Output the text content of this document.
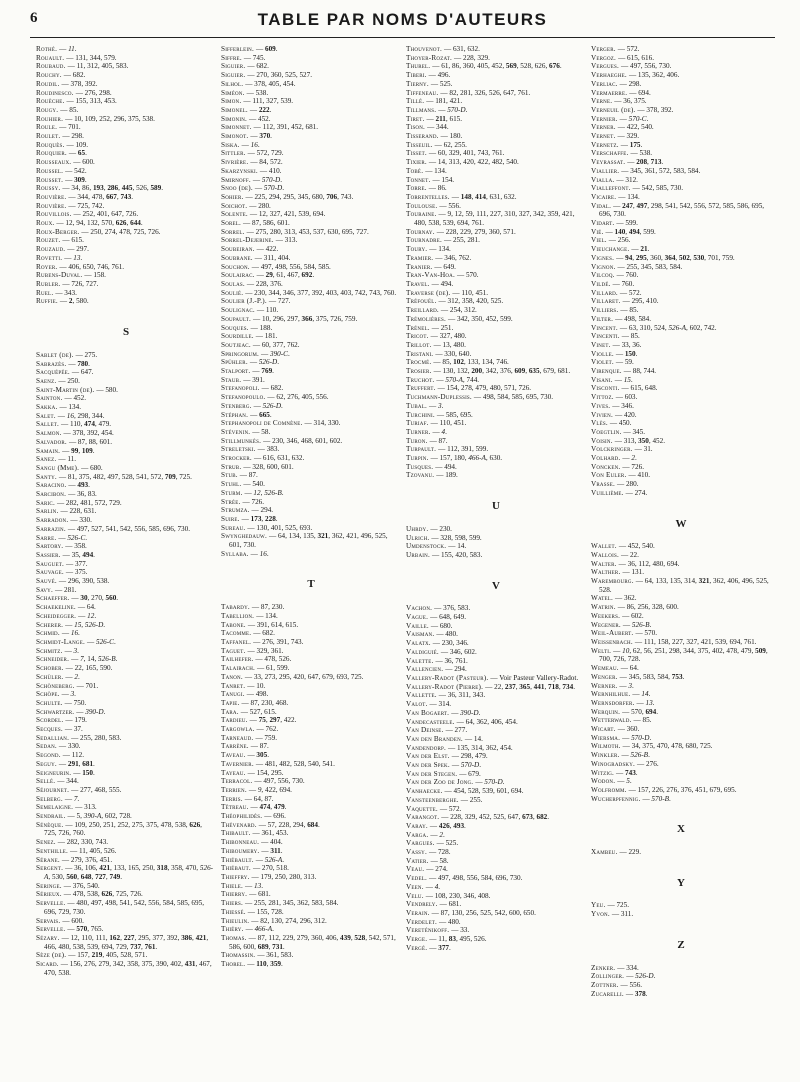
6	TABLE PAR NOMS D'AUTEURS
Rothé. — 11.
Rouault. — 131, 344, 579.
Roubaud. — 11, 312, 405, 583.
Rouchy. — 682.
Roudil. — 378, 392.
Roudinesco. — 276, 298.
Rouèche. — 155, 313, 453.
Rougy. — 85.
Rouhier. — 10, 109, 252, 296, 375, 538.
Roule. — 701.
Roulet. — 298.
Rouquès. — 109.
Rouquier. — 65.
Rousseaux. — 600.
Roussel. — 542.
Rousset. — 309.
Roussy. — 34, 86, 193, 286, 445, 526, 589.
Rouvière. — 344, 478, 667, 743.
Rouvière. — 725, 742.
Rouvillois. — 252, 401, 647, 726.
Roux. — 12, 94, 132, 570, 626, 644.
Roux-Berger. — 250, 274, 478, 725, 726.
Rouzet. — 615.
Rouzaud. — 297.
Rovetti. — 13.
Royer. — 406, 650, 746, 761.
Rubens-Duval. — 158.
Rubler. — 726, 727.
Ruel. — 343.
Ruffie. — 2, 580.
S
Sablet (de). — 275.
Sabrazès. — 780.
Sacquépée. — 647.
Saenz. — 250.
Saint-Martin (de). — 580.
Sainton. — 452.
Sakka. — 134.
Salet. — 16, 298, 344.
Sallet. — 110, 474, 479.
Salmon. — 378, 392, 454.
Salvador. — 87, 88, 601.
Samain. — 99, 109.
Sanez. — 11.
Sangu (Mme). — 680.
Santy. — 81, 375, 482, 497, 528, 541, 572, 709, 725.
Saracino. — 493.
Sarcibon. — 36, 83.
Saric. — 282, 481, 572, 729.
Sarlin. — 228, 631.
Sarradon. — 330.
Sarrazin. — 497, 527, 541, 542, 556, 585, 696, 730.
Sarre. — 526-C.
Sartory. — 358.
Sassier. — 35, 494.
Sauguet. — 377.
Sauvage. — 375.
Sauvé. — 296, 390, 538.
Savy. — 281.
Schaeffer. — 30, 270, 560.
Schaekeline. — 64.
Scheidegger. — 12.
Scherer. — 15, 526-D.
Schmid. — 16.
Schmidt-Lange. — 526-C.
Schmitz. — 3.
Schneider. — 7, 14, 526-B.
Schober. — 22, 165, 590.
Schüler. — 2.
Schöneberg. — 701.
Schöpe. — 3.
Schulte. — 750.
Schwartzer. — 390-D.
Scordel. — 179.
Secques. — 37.
Sedallian. — 255, 280, 583.
Sedan. — 330.
Segond. — 112.
Seguy. — 291, 681.
Seigneurin. — 150.
Sellé. — 344.
Séjournet. — 277, 468, 555.
Selberg. — 7.
Semelaigne. — 313.
Sendrail. — 5, 390-A, 602, 728.
Sénèque. — 109, 250, 251, 252, 275, 375, 478, 538, 626, 725, 726, 760.
Senez. — 282, 330, 743.
Senthille. — 11, 405, 526.
Sérane. — 279, 376, 451.
Sergent. — 36, 106, 421, 133, 165, 250, 318, 358, 470, 526-A, 530, 560, 648, 727, 749.
Seringe. — 376, 540.
Sérieux. — 478, 538, 626, 725, 726.
Servelle. — 480, 497, 498, 541, 542, 556, 584, 585, 695, 696, 729, 730.
Servais. — 600.
Servelle. — 570, 765.
Sézary. — 12, 110, 111, 162, 227, 295, 377, 392, 386, 421, 466, 480, 538, 539, 694, 729, 737, 761.
Sèze (de). — 157, 219, 405, 528, 571.
Sicard. — 156, 276, 279, 342, 358, 375, 390, 402, 431, 467, 470, 538.
Sifferlein. — 609.
Siffre. — 745.
Siguier. — 682.
Siguier. — 270, 360, 525, 527.
Silhol. — 378, 405, 454.
Siméon. — 538.
Simon. — 111, 327, 539.
Simonel. — 222.
Simonin. — 452.
Simonnet. — 112, 391, 452, 681.
Simonot. — 370.
Siska. — 16.
Sittler. — 572, 729.
Sivrière. — 84, 572.
Skarzynski. — 410.
Smirnoff. — 570-D.
Snoo (de). — 570-D.
Sohier. — 225, 294, 295, 345, 680, 706, 743.
Soichot. — 280.
Solente. — 12, 327, 421, 539, 694.
Sorel. — 87, 586, 601.
Sorrel. — 275, 280, 313, 453, 537, 630, 695, 727.
Sorrel-Dejerine. — 313.
Soubeiran. — 422.
Soubrane. — 311, 404.
Souchon. — 497, 498, 556, 584, 585.
Soulairac. — 29, 61, 467, 692.
Soulas. — 228, 376.
Soulié. — 230, 344, 346, 377, 392, 403, 403, 742, 743, 760.
Soulier (J.-P.). — 727.
Soulignac. — 110.
Soupault. — 10, 296, 297, 366, 375, 726, 759.
Souques. — 188.
Sourdille. — 181.
Soutjeac. — 60, 377, 762.
Springorum. — 390-C.
Spühler. — 526-D.
Stalport. — 769.
Staub. — 391.
Stefanopoli. — 682.
Stefanopoulo. — 62, 276, 405, 556.
Stenberg. — 526-D.
Stéphan. — 665.
Stephanopoli de Comnène. — 314, 330.
Stévenin. — 58.
Stillmunkès. — 230, 346, 468, 601, 602.
Streletski. — 383.
Strocker. — 616, 631, 632.
Strub. — 328, 600, 601.
Stub. — 87.
Stuhl. — 540.
Sturm. — 12, 526-B.
Strée. — 726.
Strumza. — 294.
Suire. — 173, 228.
Sureau. — 130, 401, 525, 693.
Swynghedauw. — 64, 134, 135, 321, 362, 421, 496, 525, 601, 730.
Syllaba. — 16.
T
Tabardy. — 87, 230.
Tabellion. — 134.
Tabone. — 391, 614, 615.
Tacomme. — 682.
Taffanel. — 276, 391, 743.
Taguet. — 329, 361.
Tailhefer. — 478, 526.
Talairach. — 61, 599.
Tanon. — 33, 273, 295, 420, 647, 679, 693, 725.
Tanret. — 10.
Tanugi. — 498.
Tapie. — 87, 230, 468.
Tara. — 527, 615.
Tardieu. — 75, 297, 422.
Targowla. — 762.
Tarneaud. — 759.
Tarrène. — 87.
Taveau. — 305.
Tavernier. — 481, 482, 528, 540, 541.
Tayeau. — 154, 295.
Terracol. — 497, 556, 730.
Terrien. — 9, 422, 694.
Terris. — 64, 87.
Têtreau. — 474, 479.
Théophilidès. — 696.
Thévenard. — 57, 228, 294, 684.
Thibault. — 361, 453.
Thibonneau. — 404.
Thiboumery. — 311.
Thiébault. — 526-A.
Thiébaut. — 270, 518.
Thieffry. — 179, 250, 280, 313.
Thiele. — 13.
Thierry. — 681.
Thiers. — 255, 281, 345, 362, 583, 584.
Thiessé. — 155, 728.
Thieulin. — 82, 130, 274, 296, 312.
Thiéry. — 466-A.
Thomas. — 87, 112, 229, 279, 360, 406, 439, 528, 542, 571, 586, 600, 689, 731.
Thomassin. — 361, 583.
Thorel. — 110, 359.
Thouvenot. — 631, 632.
Thoyer-Rozat. — 228, 329.
Thurel. — 61, 86, 360, 405, 452, 569, 528, 626, 676.
Tiberi. — 496.
Tierny. — 525.
Tiffeneau. — 82, 281, 326, 526, 647, 761.
Tillé. — 181, 421.
Tillmans. — 570-D.
Tiret. — 211, 615.
Tison. — 344.
Tisserand. — 180.
Tisseuil. — 62, 255.
Tisset. — 60, 329, 401, 743, 761.
Tixier. — 14, 313, 420, 422, 482, 540.
Tobé. — 134.
Tonnet. — 154.
Torre. — 86.
Torrentelles. — 148, 414, 631, 632.
Toulouse. — 556.
Touraine. — 9, 12, 59, 111, 227, 310, 327, 342, 359, 421, 480, 538, 539, 694, 761.
Tournay. — 228, 229, 279, 360, 571.
Tournadre. — 255, 281.
Toury. — 134.
Tramier. — 346, 762.
Tranier. — 649.
Tran-Van-Hoa. — 570.
Travel. — 494.
Traverse (de). — 110, 451.
Tréfouël. — 312, 358, 420, 525.
Treillard. — 254, 312.
Trémolières. — 342, 350, 452, 599.
Trénel. — 251.
Tricot. — 327, 480.
Trillot. — 13, 480.
Tristani. — 330, 640.
Trocmé. — 85, 102, 133, 134, 746.
Trosier. — 130, 132, 200, 342, 376, 609, 635, 679, 681.
Truchot. — 570-A, 744.
Truffert. — 154, 278, 479, 480, 571, 726.
Tuchmann-Duplessis. — 498, 584, 585, 695, 730.
Tubal. — 3.
Turchini. — 585, 695.
Turiaf. — 110, 451.
Turner. — 4.
Turon. — 87.
Turpault. — 112, 391, 599.
Turpin. — 157, 180, 466-A, 630.
Tusques. — 494.
Tzovanu. — 189.
U
Uhrdy. — 230.
Ulrich. — 328, 598, 599.
Umdenstock. — 14.
Urbain. — 155, 420, 583.
V
Vachon. — 376, 583.
Vague. — 648, 649.
Vaille. — 680.
Vaisman. — 480.
Valatx. — 230, 346.
Valdiguié. — 346, 602.
Valette. — 36, 761.
Vallencien. — 294.
Vallery-Radot (Pasteur). — Voir Pasteur Vallery-Radot.
Vallery-Radot (Pierre). — 22, 237, 365, 441, 718, 734.
Vallette. — 36, 311, 343.
Valot. — 314.
Van Bogaert. — 390-D.
Vandecasteele. — 64, 362, 406, 454.
Van Deinse. — 277.
Van den Branden. — 14.
Vandendorp. — 135, 314, 362, 454.
Van der Elst. — 298, 479.
Van der Spek. — 570-D.
Van der Stegen. — 679.
Van der Zoo de Jong. — 570-D.
Vanhaecke. — 454, 528, 539, 601, 694.
Vansteenberghe. — 255.
Vaquette. — 572.
Varangot. — 228, 329, 452, 525, 647, 673, 682.
Varay. — 426, 493.
Varga. — 2.
Vargues. — 525.
Vassy. — 728.
Vatier. — 58.
Veau. — 274.
Vedel. — 497, 498, 556, 584, 696, 730.
Veen. — 4.
Velu. — 108, 230, 346, 408.
Vendrely. — 681.
Verain. — 87, 130, 256, 525, 542, 600, 650.
Verdelet. — 480.
Vereténikoff. — 33.
Verge. — 11, 83, 495, 526.
Vergé. — 377.
Verger. — 572.
Vergoz. — 615, 616.
Vergues. — 497, 556, 730.
Verhaeghe. — 135, 362, 406.
Verliac. — 298.
Vermaerre. — 694.
Verne. — 36, 375.
Verneuil (de). — 378, 392.
Vernier. — 570-C.
Verner. — 422, 540.
Vernet. — 329.
Vernetz. — 175.
Verschaffe. — 538.
Veyrassat. — 208, 713.
Viallier. — 345, 361, 572, 583, 584.
Vialla. — 312.
Vialleffont. — 542, 585, 730.
Vicaire. — 134.
Vidal. — 247, 497, 298, 541, 542, 556, 572, 585, 586, 695, 696, 730.
Vidart. — 599.
Vié. — 140, 494, 599.
Viel. — 256.
Vieuchange. — 21.
Vignes. — 94, 295, 360, 364, 502, 530, 701, 759.
Vignon. — 255, 345, 583, 584.
Vilcoq. — 760.
Vildé. — 760.
Villard. — 572.
Villaret. — 295, 410.
Villiers. — 85.
Vilter. — 498, 584.
Vincent. — 63, 310, 524, 526-A, 602, 742.
Vincenti. — 85.
Vinet. — 33, 36.
Violle. — 150.
Violet. — 59.
Virenque. — 88, 744.
Visani. — 15.
Visconti. — 615, 648.
Vittoz. — 603.
Vives. — 346.
Vivien. — 420.
Vlès. — 450.
Voegtlin. — 345.
Voisin. — 313, 350, 452.
Volckringer. — 31.
Volhard. — 2.
Voncken. — 726.
Von Euler. — 410.
Vrasse. — 280.
Vuillième. — 274.
W
Wallet. — 452, 540.
Wallois. — 22.
Walter. — 36, 112, 480, 694.
Walther. — 131.
Warembourg. — 64, 133, 135, 314, 321, 362, 406, 496, 525, 528.
Watel. — 362.
Watrin. — 86, 256, 328, 600.
Weekers. — 602.
Wegener. — 526-B.
Weil-Aubert. — 570.
Weissenbach. — 111, 158, 227, 327, 421, 539, 694, 761.
Welti. — 10, 62, 56, 251, 298, 344, 375, 402, 478, 479, 509, 700, 726, 728.
Wemeau. — 64.
Wenger. — 345, 583, 584, 753.
Werner. — 3.
Wernhilhue. — 14.
Wernsdorfer. — 13.
Werquin. — 570, 694.
Wetterwald. — 85.
Wicart. — 360.
Wiersma. — 570-D.
Wilmoth. — 34, 375, 470, 478, 680, 725.
Winkler. — 526-B.
Winogradsky. — 276.
Witzig. — 743.
Wodon. — 5.
Wolfromm. — 157, 226, 276, 376, 451, 679, 695.
Wucherpfennig. — 570-B.
X
Xambeu. — 229.
Y
Yeu. — 725.
Yvon. — 311.
Z
Zenker. — 334.
Zollinger. — 526-D.
Zottner. — 556.
Zucarelli. — 378.
